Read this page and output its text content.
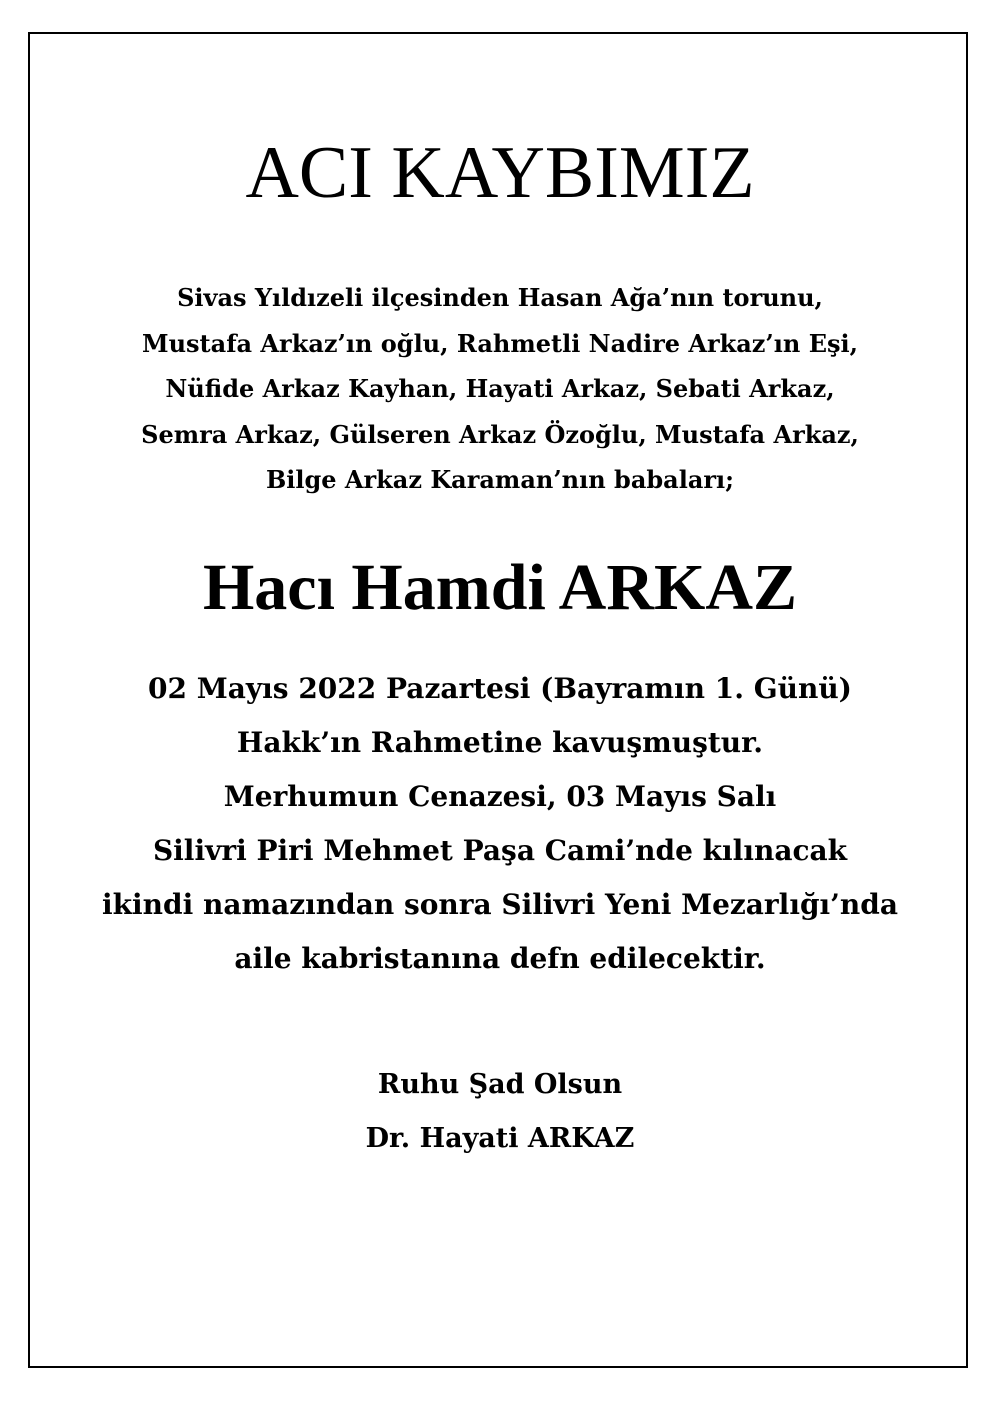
ACI KAYBIMIZ
Sivas Yıldızeli ilçesinden Hasan Ağa’nın torunu,
Mustafa Arkaz’ın oğlu, Rahmetli Nadire Arkaz’ın Eşi,
Nüfide Arkaz Kayhan, Hayati Arkaz, Sebati Arkaz,
Semra Arkaz, Gülseren Arkaz Özoğlu, Mustafa Arkaz,
Bilge Arkaz Karaman’nın babaları;
Hacı Hamdi ARKAZ
02 Mayıs 2022 Pazartesi (Bayramın 1. Günü)
Hakk’ın Rahmetine kavuşmuştur.
Merhumun Cenazesi, 03 Mayıs Salı
Silivri Piri Mehmet Paşa Cami’nde kılınacak
ikindi namazından sonra Silivri Yeni Mezarlığı’nda
aile kabristanına defn edilecektir.
Ruhu Şad Olsun
Dr. Hayati ARKAZ
